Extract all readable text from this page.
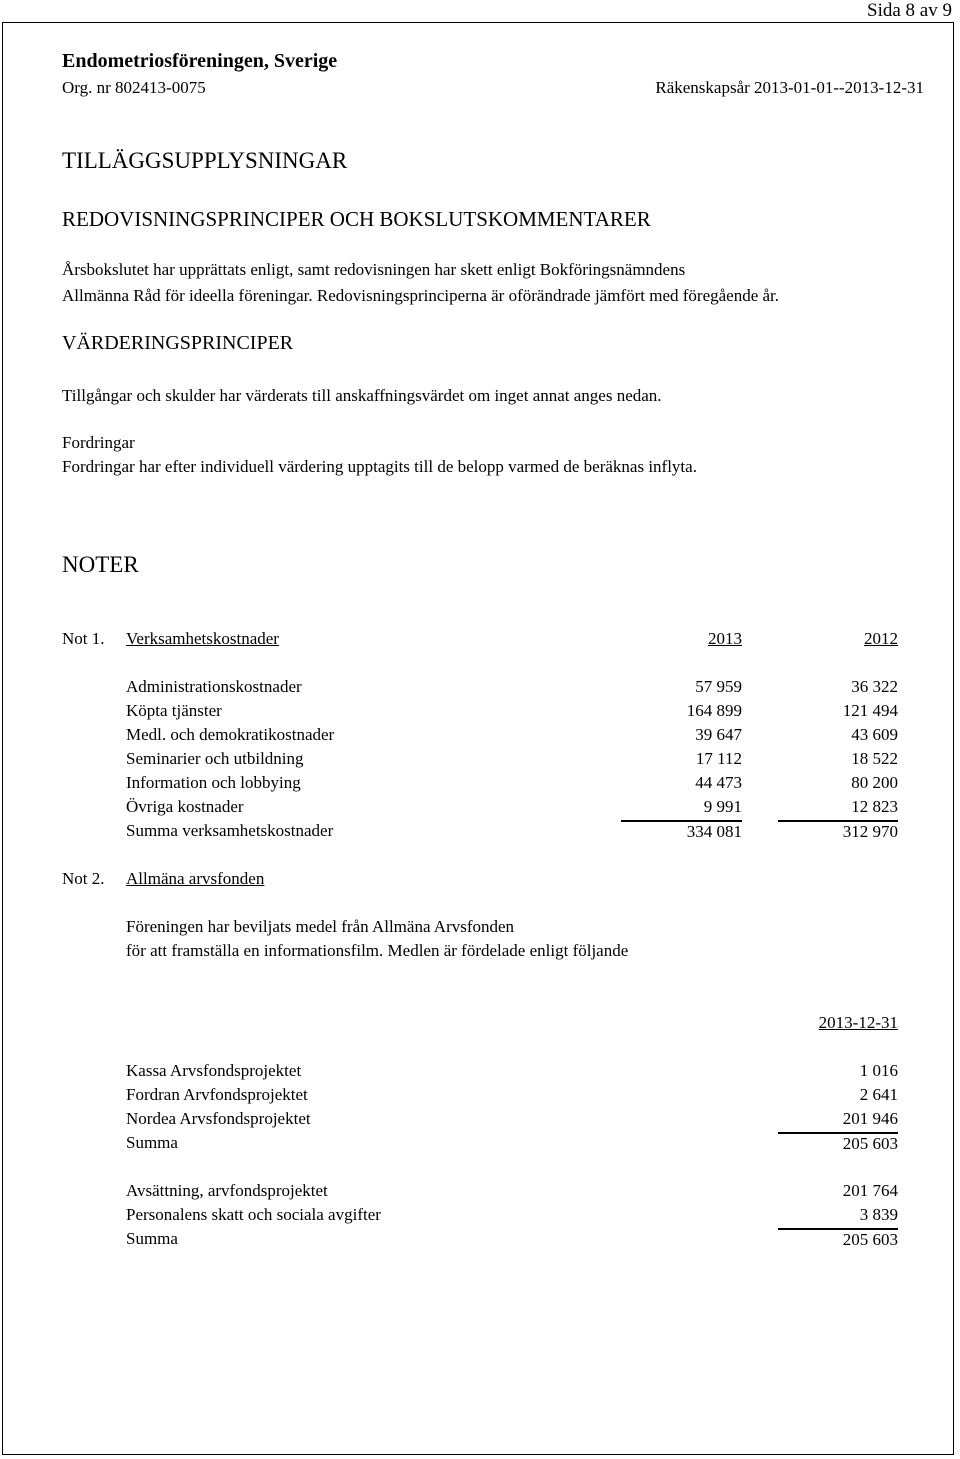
Sida 8 av 9
Endometriosföreningen, Sverige
Org. nr 802413-0075	Räkenskapsår 2013-01-01--2013-12-31
TILLÄGGSUPPLYSNINGAR
REDOVISNINGSPRINCIPER OCH BOKSLUTSKOMMENTARER
Årsbokslutet har upprättats enligt, samt redovisningen har skett enligt Bokföringsnämndens
Allmänna Råd för ideella föreningar. Redovisningsprinciperna är oförändrade jämfört med föregående år.
VÄRDERINGSPRINCIPER
Tillgångar och skulder har värderats till anskaffningsvärdet om inget annat anges nedan.
Fordringar
Fordringar har efter individuell värdering upptagits till de belopp varmed de beräknas inflyta.
NOTER
Not 1.	Verksamhetskostnader	2013	2012

	Administrationskostnader	57 959	36 322
	Köpta tjänster	164 899	121 494
	Medl. och demokratikostnader	39 647	43 609
	Seminarier och utbildning	17 112	18 522
	Information och lobbying	44 473	80 200
	Övriga kostnader	9 991	12 823
	Summa verksamhetskostnader	334 081	312 970
Not 2.	Allmäna arvsfonden
Föreningen har beviljats medel från Allmäna Arvsfonden
för att framställa en informationsfilm. Medlen är fördelade enligt följande
	2013-12-31

Kassa Arvsfondsprojektet	1 016
Fordran Arvfondsprojektet	2 641
Nordea Arvsfondsprojektet	201 946
Summa	205 603

Avsättning, arvfondsprojektet	201 764
Personalens skatt och sociala avgifter	3 839
Summa	205 603
